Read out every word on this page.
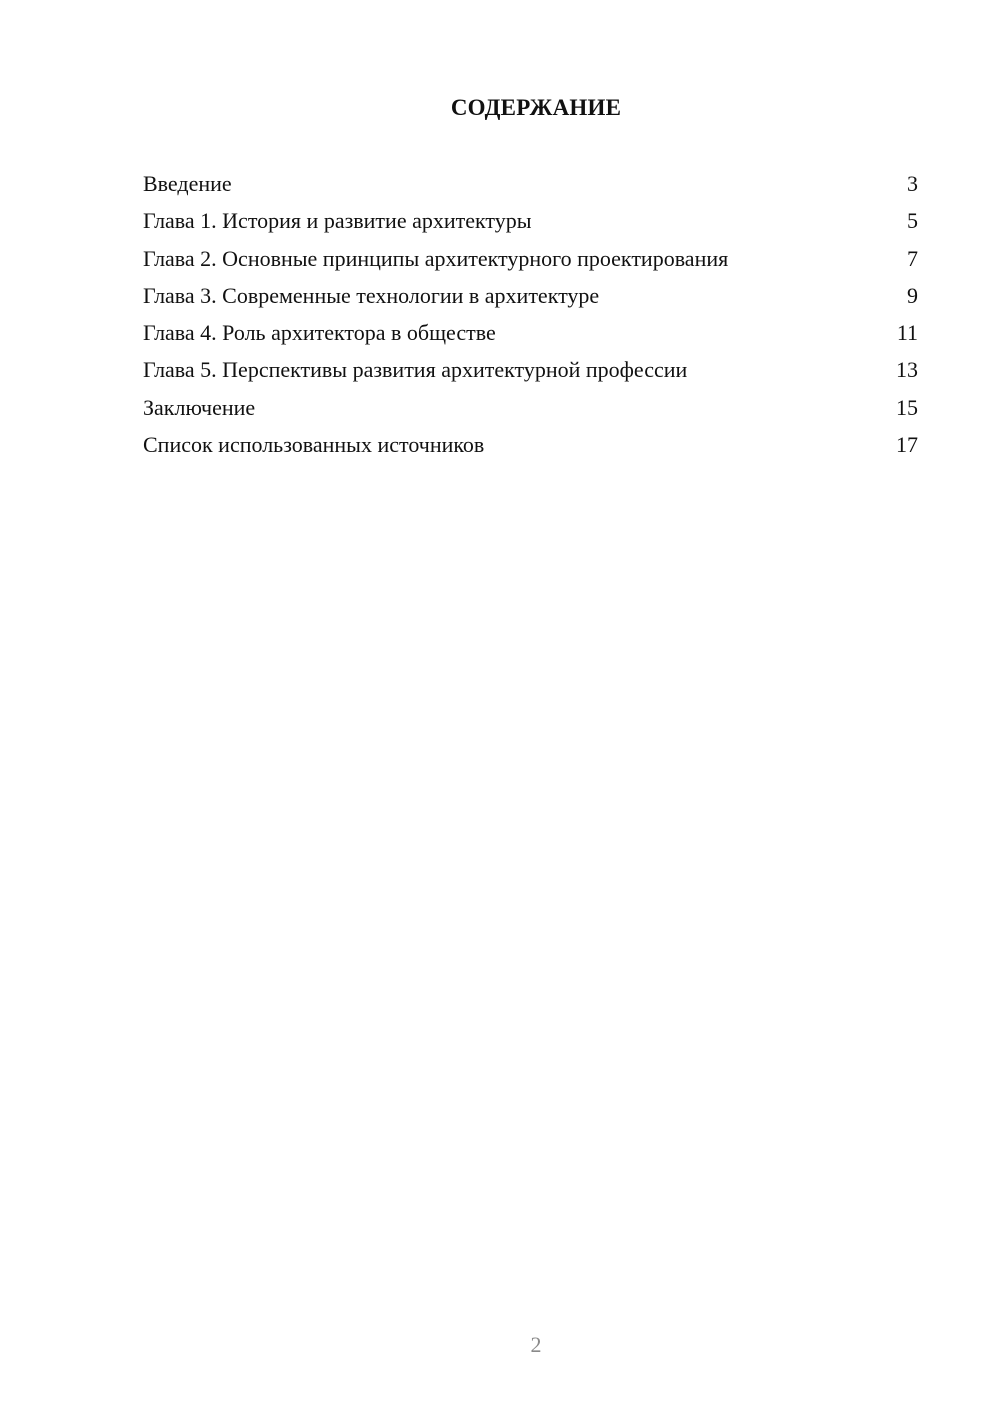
СОДЕРЖАНИЕ
Введение	3
Глава 1. История и развитие архитектуры	5
Глава 2. Основные принципы архитектурного проектирования	7
Глава 3. Современные технологии в архитектуре	9
Глава 4. Роль архитектора в обществе	11
Глава 5. Перспективы развития архитектурной профессии	13
Заключение	15
Список использованных источников	17
2
